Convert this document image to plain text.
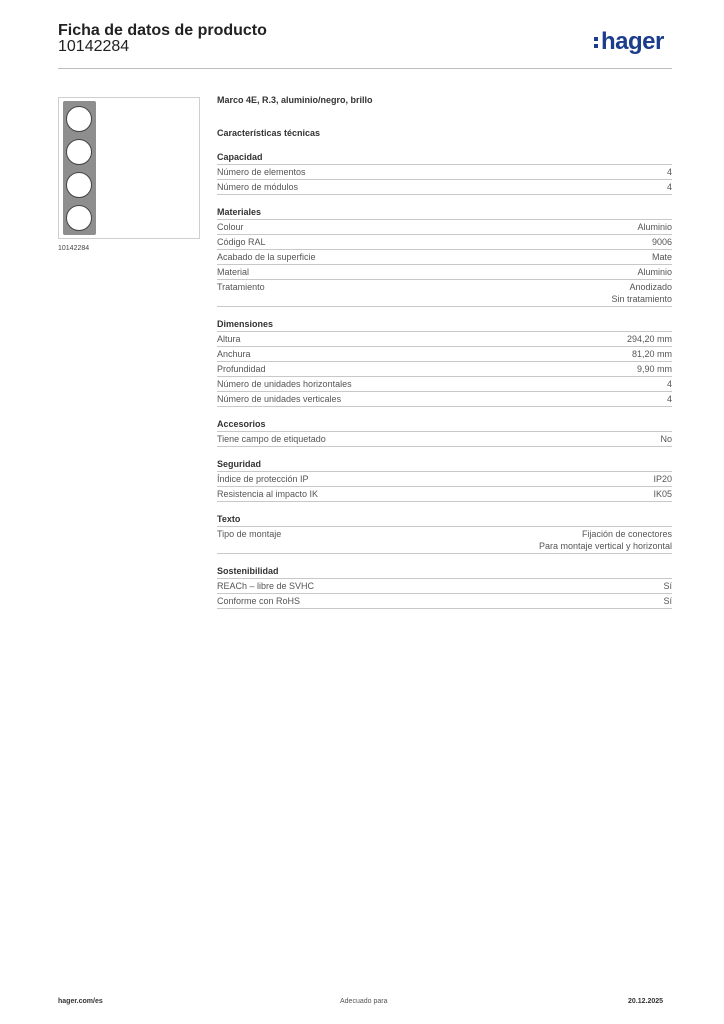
Ficha de datos de producto
10142284	hager
10142284
Marco 4E, R.3, aluminio/negro, brillo
Características técnicas
Capacidad
Número de elementos	4
Número de módulos	4
Materiales
Colour	Aluminio
Código RAL	9006
Acabado de la superficie	Mate
Material	Aluminio
Tratamiento	Anodizado
Sin tratamiento
Dimensiones
Altura	294,20 mm
Anchura	81,20 mm
Profundidad	9,90 mm
Número de unidades horizontales	4
Número de unidades verticales	4
Accesorios
Tiene campo de etiquetado	No
Seguridad
Índice de protección IP	IP20
Resistencia al impacto IK	IK05
Texto
Tipo de montaje	Fijación de conectores
Para montaje vertical y horizontal
Sostenibilidad
REACh – libre de SVHC	Sí
Conforme con RoHS	Sí
hager.com/es	Adecuado para	20.12.2025
